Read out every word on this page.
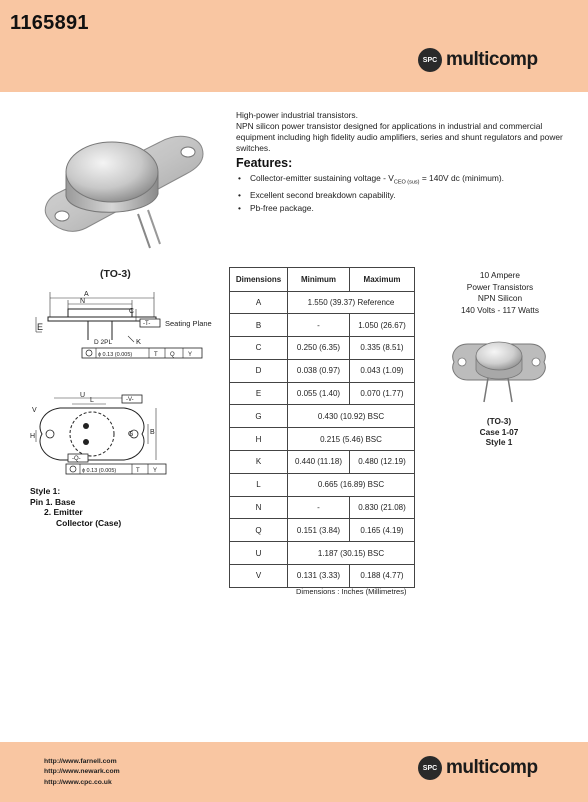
1165891
SPC multicomp
High-power industrial transistors.
NPN silicon power transistor designed for applications in industrial and commercial equipment including high fidelity audio amplifiers, series and shunt regulators and power switches.
Features:
• Collector-emitter sustaining voltage - $V_{CEO (sus)} = 140V$ dc (minimum).
• Excellent second breakdown capability.
• Pb-free package.
(TO-3)
A
N
C
-T- Seating Plane
E
D 2PL	K
ɸ 0.13 (0.005)	T Q Y
U
L	-V-
G B
V
H
-Q-
ɸ 0.13 (0.005)	T Y
Style 1:
Pin 1. Base
2. Emitter
Collector (Case)
Dimensions	Minimum	Maximum
A	1.550 (39.37) Reference	
B	-	1.050 (26.67)
C	0.250 (6.35)	0.335 (8.51)
D	0.038 (0.97)	0.043 (1.09)
E	0.055 (1.40)	0.070 (1.77)
G	0.430 (10.92) BSC	
H	0.215 (5.46) BSC	
K	0.440 (11.18)	0.480 (12.19)
L	0.665 (16.89) BSC	
N	-	0.830 (21.08)
Q	0.151 (3.84)	0.165 (4.19)
U	1.187 (30.15) BSC	
V	0.131 (3.33)	0.188 (4.77)
Dimensions : Inches (Millimetres)
10 Ampere
Power Transistors
NPN Silicon
140 Volts - 117 Watts
(TO-3)
Case 1-07
Style 1
http://www.farnell.com
http://www.newark.com
http://www.cpc.co.uk
SPC multicomp
